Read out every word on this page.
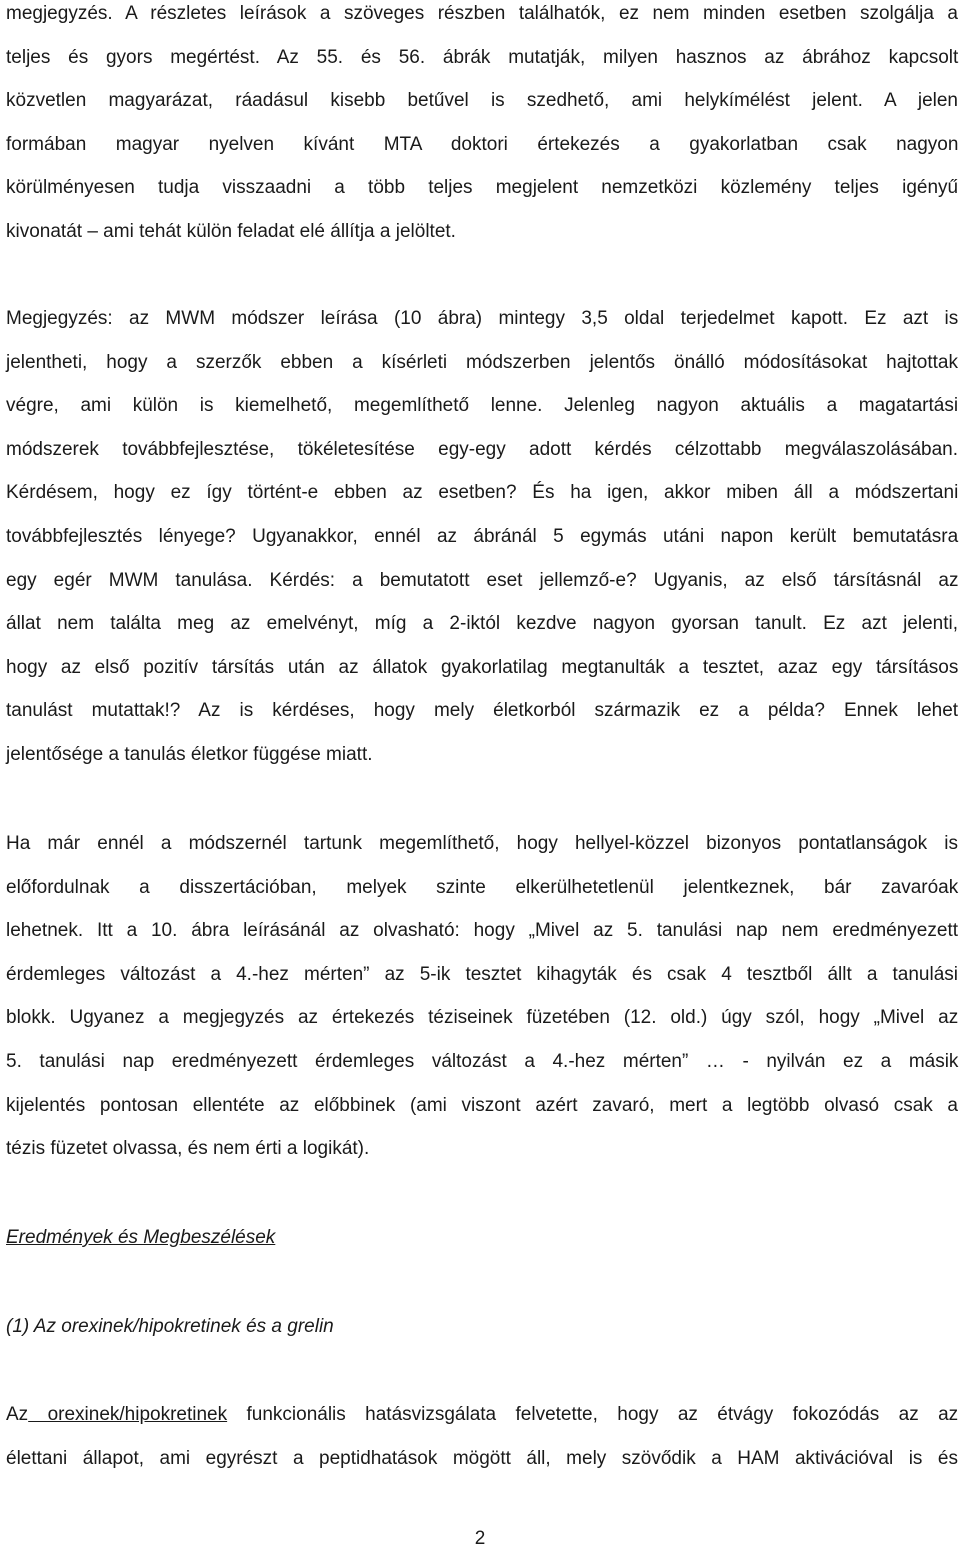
megjegyzés. A részletes leírások a szöveges részben találhatók, ez nem minden esetben szolgálja a
teljes és gyors megértést. Az 55. és 56. ábrák mutatják, milyen hasznos az ábrához kapcsolt
közvetlen magyarázat, ráadásul kisebb betűvel is szedhető, ami helykímélést jelent. A jelen
formában magyar nyelven kívánt MTA doktori értekezés a gyakorlatban csak nagyon
körülményesen tudja visszaadni a több teljes megjelent nemzetközi közlemény teljes igényű
kivonatát – ami tehát külön feladat elé állítja a jelöltet.
Megjegyzés: az MWM módszer leírása (10 ábra) mintegy 3,5 oldal terjedelmet kapott. Ez azt is
jelentheti, hogy a szerzők ebben a kísérleti módszerben jelentős önálló módosításokat hajtottak
végre, ami külön is kiemelhető, megemlíthető lenne. Jelenleg nagyon aktuális a magatartási
módszerek továbbfejlesztése, tökéletesítése egy-egy adott kérdés célzottabb megválaszolásában.
Kérdésem, hogy ez így történt-e ebben az esetben? És ha igen, akkor miben áll a módszertani
továbbfejlesztés lényege? Ugyanakkor, ennél az ábránál 5 egymás utáni napon került bemutatásra
egy egér MWM tanulása. Kérdés: a bemutatott eset jellemző-e? Ugyanis, az első társításnál az
állat nem találta meg az emelvényt, míg a 2-iktól kezdve nagyon gyorsan tanult. Ez azt jelenti,
hogy az első pozitív társítás után az állatok gyakorlatilag megtanulták a tesztet, azaz egy társításos
tanulást mutattak!? Az is kérdéses, hogy mely életkorból származik ez a példa? Ennek lehet
jelentősége a tanulás életkor függése miatt.
Ha már ennél a módszernél tartunk megemlíthető, hogy hellyel-közzel bizonyos pontatlanságok is
előfordulnak a disszertációban, melyek szinte elkerülhetetlenül jelentkeznek, bár zavaróak
lehetnek. Itt a 10. ábra leírásánál az olvasható: hogy „Mivel az 5. tanulási nap nem eredményezett
érdemleges változást a 4.-hez mérten” az 5-ik tesztet kihagyták és csak 4 tesztből állt a tanulási
blokk. Ugyanez a megjegyzés az értekezés téziseinek füzetében (12. old.) úgy szól, hogy „Mivel az
5. tanulási nap eredményezett érdemleges változást a 4.-hez mérten” … - nyilván ez a másik
kijelentés pontosan ellentéte az előbbinek (ami viszont azért zavaró, mert a legtöbb olvasó csak a
tézis füzetet olvassa, és nem érti a logikát).
Eredmények és Megbeszélések
(1) Az orexinek/hipokretinek és a grelin
Az orexinek/hipokretinek funkcionális hatásvizsgálata felvetette, hogy az étvágy fokozódás az az
élettani állapot, ami egyrészt a peptidhatások mögött áll, mely szövődik a HAM aktivációval is és
2
